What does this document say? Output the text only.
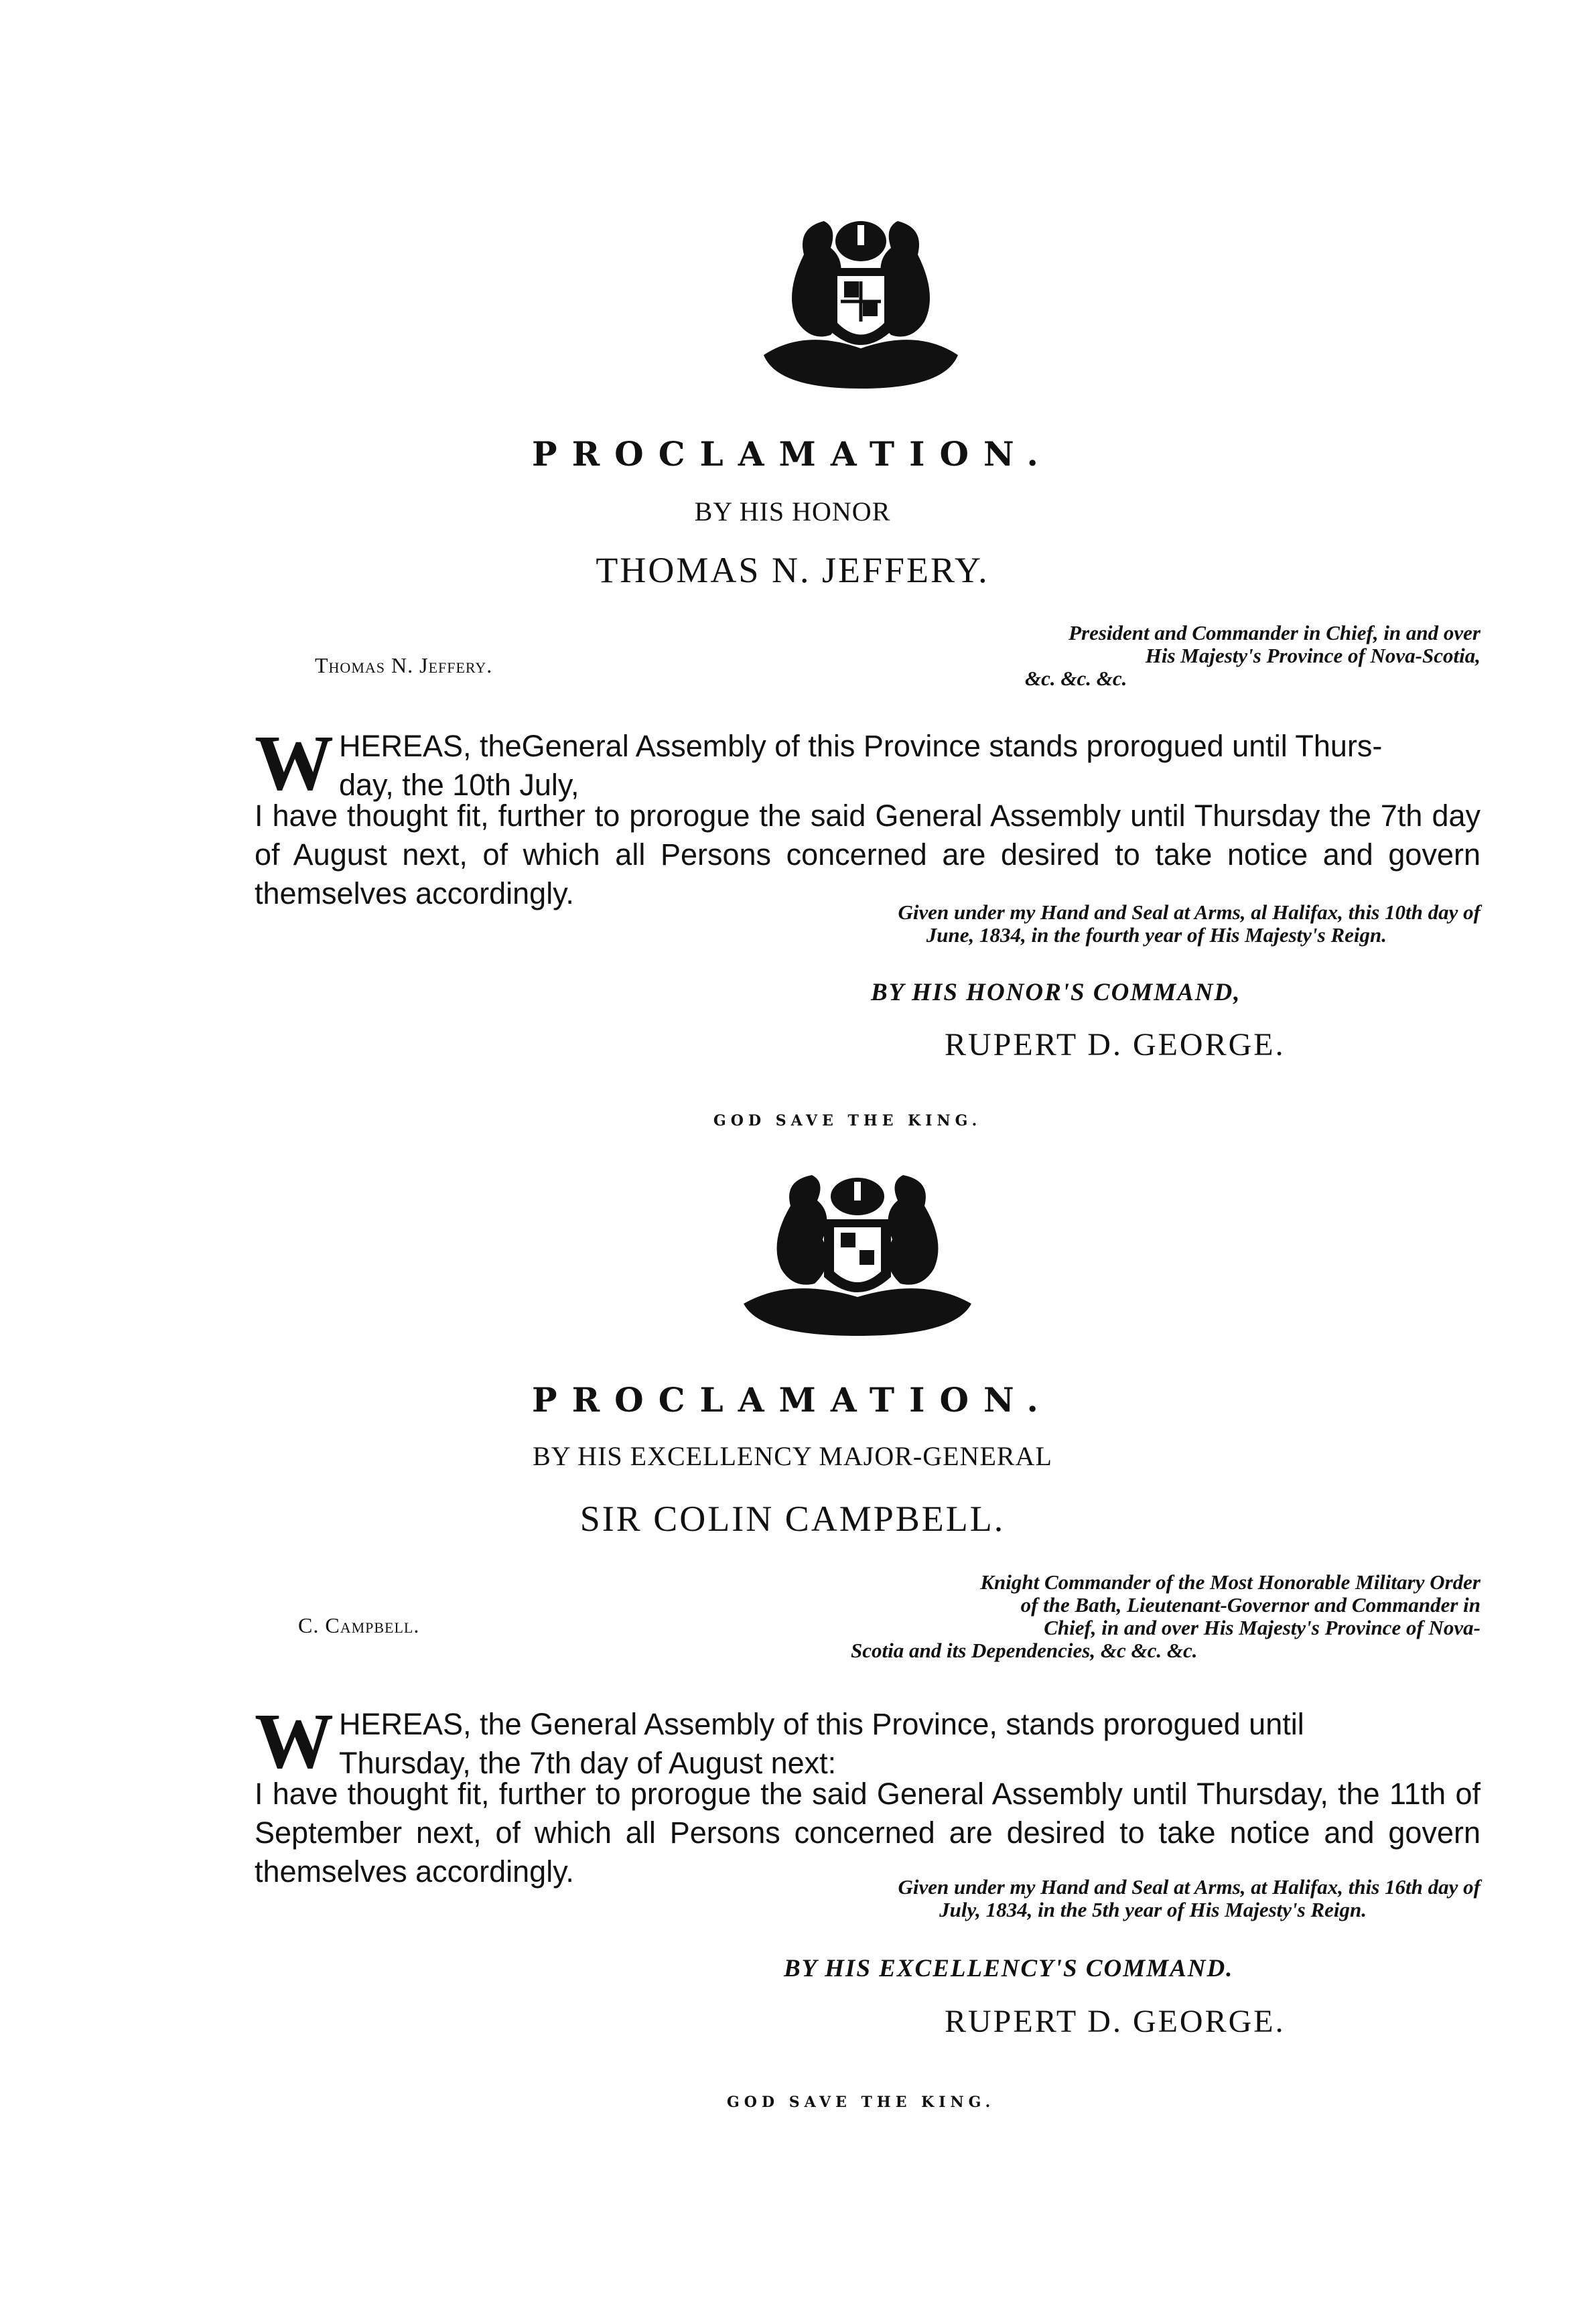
PROCLAMATION.
BY HIS HONOR
THOMAS N. JEFFERY.
Thomas N. Jeffery.
President and Commander in Chief, in and over
His Majesty's Province of Nova-Scotia,
&c. &c. &c.
W HEREAS, theGeneral Assembly of this Province stands prorogued until Thurs-
day, the 10th July,
I have thought fit, further to prorogue the said General Assembly until Thursday the 7th day of August next, of which all Persons concerned are desired to take notice and govern themselves accordingly.
Given under my Hand and Seal at Arms, al Halifax, this 10th day of
June, 1834, in the fourth year of His Majesty's Reign.
BY HIS HONOR'S COMMAND,
RUPERT D. GEORGE.
GOD SAVE THE KING.
PROCLAMATION.
BY HIS EXCELLENCY MAJOR-GENERAL
SIR COLIN CAMPBELL.
C. Campbell.
Knight Commander of the Most Honorable Military Order
of the Bath, Lieutenant-Governor and Commander in
Chief, in and over His Majesty's Province of Nova-
Scotia and its Dependencies, &c &c. &c.
W HEREAS, the General Assembly of this Province, stands prorogued until
Thursday, the 7th day of August next:
I have thought fit, further to prorogue the said General Assembly until Thursday, the 11th of September next, of which all Persons concerned are desired to take notice and govern themselves accordingly.	Given under my Hand and Seal at Arms, at Halifax, this 16th day of
July, 1834, in the 5th year of His Majesty's Reign.
BY HIS EXCELLENCY'S COMMAND.
RUPERT D. GEORGE.
GOD SAVE THE KING.
